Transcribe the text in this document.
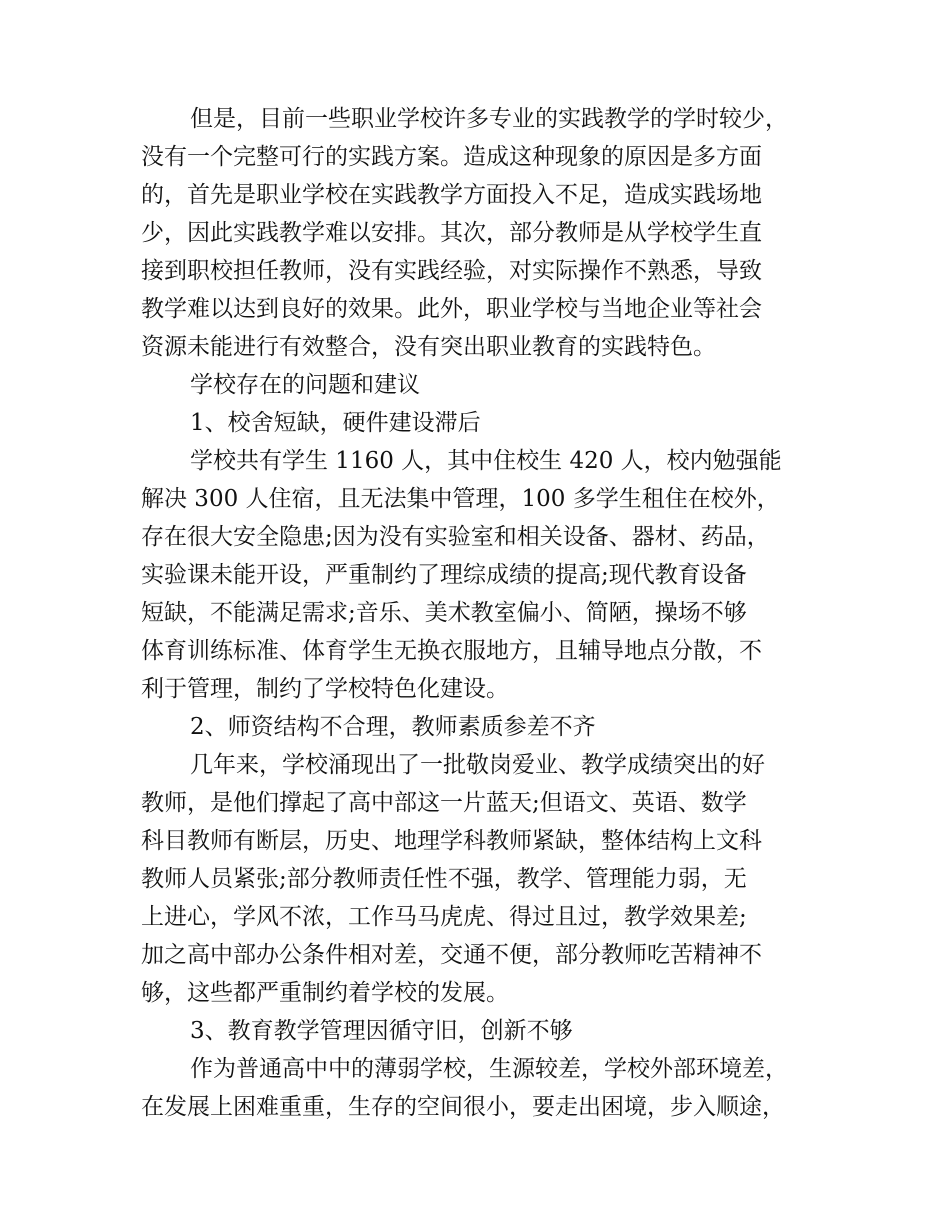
但是，目前一些职业学校许多专业的实践教学的学时较少，

没有一个完整可行的实践方案。造成这种现象的原因是多方面

的，首先是职业学校在实践教学方面投入不足，造成实践场地

少，因此实践教学难以安排。其次，部分教师是从学校学生直

接到职校担任教师，没有实践经验，对实际操作不熟悉，导致

教学难以达到良好的效果。此外，职业学校与当地企业等社会

资源未能进行有效整合，没有突出职业教育的实践特色。

学校存在的问题和建议

1、校舍短缺，硬件建设滞后

学校共有学生 1160 人，其中住校生 420 人，校内勉强能

解决 300 人住宿，且无法集中管理，100 多学生租住在校外，

存在很大安全隐患;因为没有实验室和相关设备、器材、药品，

实验课未能开设，严重制约了理综成绩的提高;现代教育设备

短缺，不能满足需求;音乐、美术教室偏小、简陋，操场不够

体育训练标准、体育学生无换衣服地方，且辅导地点分散，不

利于管理，制约了学校特色化建设。

2、师资结构不合理，教师素质参差不齐

几年来，学校涌现出了一批敬岗爱业、教学成绩突出的好

教师，是他们撑起了高中部这一片蓝天;但语文、英语、数学

科目教师有断层，历史、地理学科教师紧缺，整体结构上文科

教师人员紧张;部分教师责任性不强，教学、管理能力弱，无

上进心，学风不浓，工作马马虎虎、得过且过，教学效果差;

加之高中部办公条件相对差，交通不便，部分教师吃苦精神不

够，这些都严重制约着学校的发展。

3、教育教学管理因循守旧，创新不够

作为普通高中中的薄弱学校，生源较差，学校外部环境差，

在发展上困难重重，生存的空间很小，要走出困境，步入顺途，
